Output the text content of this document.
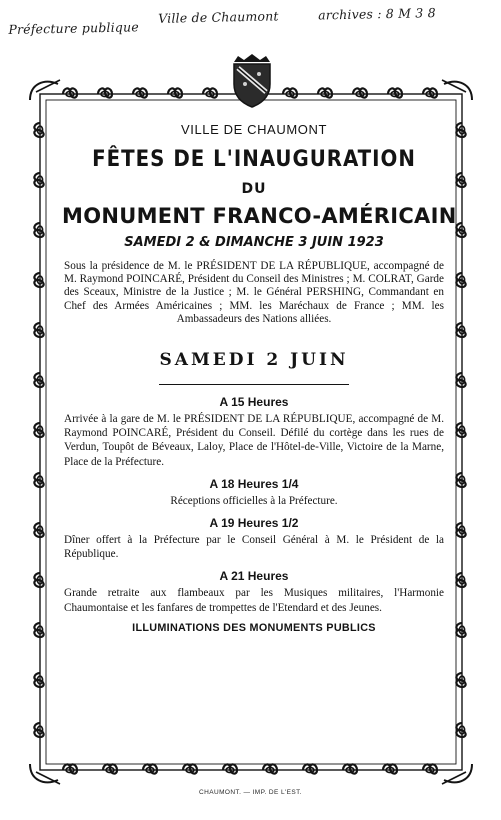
Préfecture publique
Ville de Chaumont	archives : 8 M 3 8
VILLE DE CHAUMONT
FÊTES DE L'INAUGURATION
DU
MONUMENT FRANCO-AMÉRICAIN
SAMEDI 2 & DIMANCHE 3 JUIN 1923
Sous la présidence de M. le PRÉSIDENT DE LA RÉPUBLIQUE, accompagné de M. Raymond POINCARÉ, Président du Conseil des Ministres ; M. COLRAT, Garde des Sceaux, Ministre de la Justice ; M. le Général PERSHING, Commandant en Chef des Armées Américaines ; MM. les Maréchaux de France ; MM. les Ambassadeurs des Nations alliées.
SAMEDI 2 JUIN
A 15 Heures
Arrivée à la gare de M. le PRÉSIDENT DE LA RÉPUBLIQUE, accompagné de M. Raymond POINCARÉ, Président du Conseil. Défilé du cortège dans les rues de Verdun, Toupôt de Béveaux, Laloy, Place de l'Hôtel-de-Ville, Victoire de la Marne, Place de la Préfecture.
A 18 Heures 1/4
Réceptions officielles à la Préfecture.
A 19 Heures 1/2
Dîner offert à la Préfecture par le Conseil Général à M. le Président de la République.
A 21 Heures
Grande retraite aux flambeaux par les Musiques militaires, l'Harmonie Chaumontaise et les fanfares de trompettes de l'Etendard et des Jeunes.
ILLUMINATIONS DES MONUMENTS PUBLICS
CHAUMONT. — IMP. DE L'EST.
